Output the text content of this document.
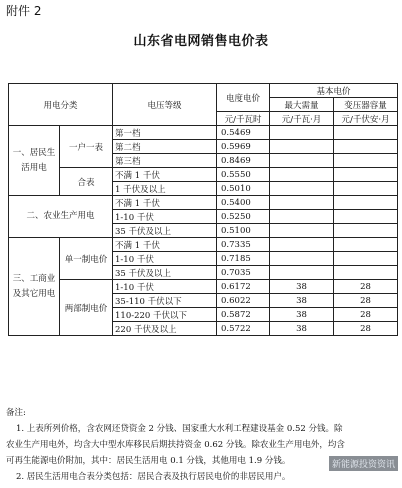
附件 2
山东省电网销售电价表
用电分类		电压等级	电度电价	基本电价	
				最大需量	变压器容量
			元/千瓦时	元/千瓦·月	元/千伏安·月
一、居民生活用电	一户一表	第一档	0.5469		
		第二档	0.5969		
		第三档	0.8469		
	合表	不满 1 千伏	0.5550		
		1 千伏及以上	0.5010		
二、农业生产用电		不满 1 千伏	0.5400		
		1-10 千伏	0.5250		
		35 千伏及以上	0.5100		
三、工商业及其它用电	单一制电价	不满 1 千伏	0.7335		
		1-10 千伏	0.7185		
		35 千伏及以上	0.7035		
	两部制电价	1-10 千伏	0.6172	38	28
		35-110 千伏以下	0.6022	38	28
		110-220 千伏以下	0.5872	38	28
		220 千伏及以上	0.5722	38	28
备注:
1. 上表所列价格，含农网还贷资金 2 分钱、国家重大水利工程建设基金 0.52 分钱。除
农业生产用电外，均含大中型水库移民后期扶持资金 0.62 分钱。除农业生产用电外，均含
可再生能源电价附加，其中：居民生活用电 0.1 分钱，其他用电 1.9 分钱。
2. 居民生活用电合表分类包括：居民合表及执行居民电价的非居民用户。
新能源投资资讯
